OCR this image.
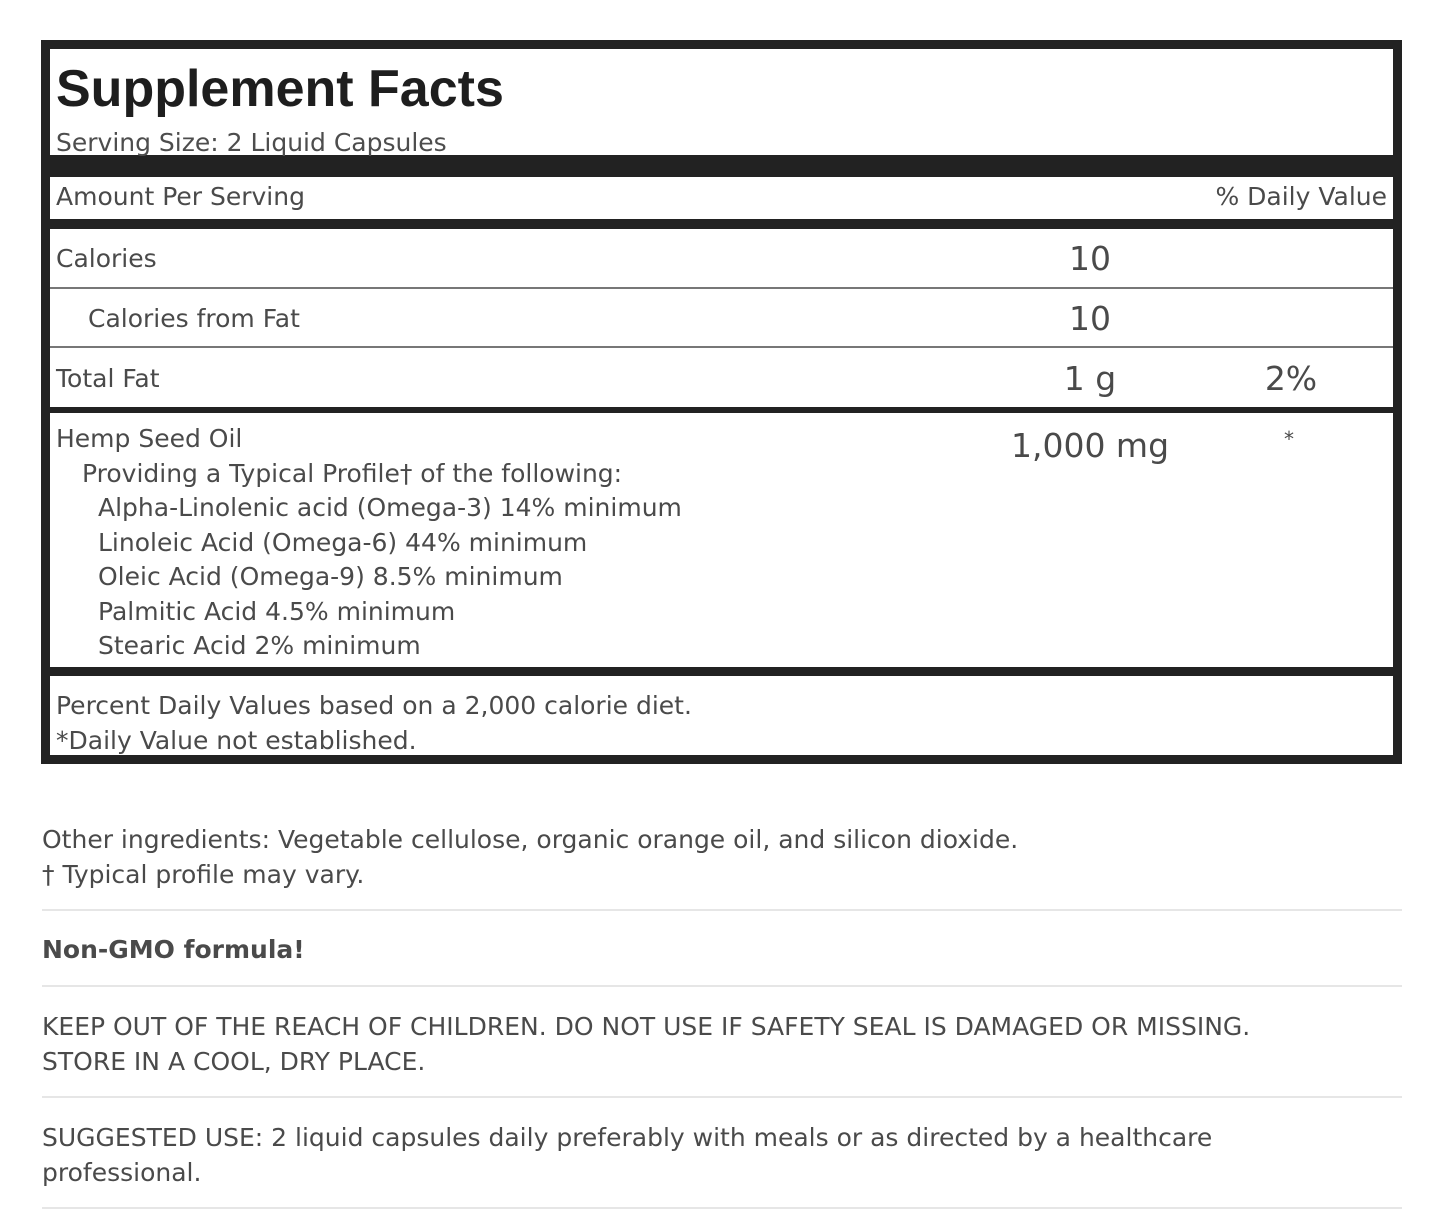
Supplement Facts
Serving Size: 2 Liquid Capsules
Amount Per Serving	% Daily Value
Calories	10
Calories from Fat	10
Total Fat	1 g	2%
Hemp Seed Oil	1,000 mg	*
Providing a Typical Profile† of the following:
Alpha-Linolenic acid (Omega-3) 14% minimum
Linoleic Acid (Omega-6) 44% minimum
Oleic Acid (Omega-9) 8.5% minimum
Palmitic Acid 4.5% minimum
Stearic Acid 2% minimum
Percent Daily Values based on a 2,000 calorie diet.
*Daily Value not established.
Other ingredients: Vegetable cellulose, organic orange oil, and silicon dioxide.
† Typical profile may vary.
Non-GMO formula!
KEEP OUT OF THE REACH OF CHILDREN. DO NOT USE IF SAFETY SEAL IS DAMAGED OR MISSING.
STORE IN A COOL, DRY PLACE.
SUGGESTED USE: 2 liquid capsules daily preferably with meals or as directed by a healthcare
professional.
